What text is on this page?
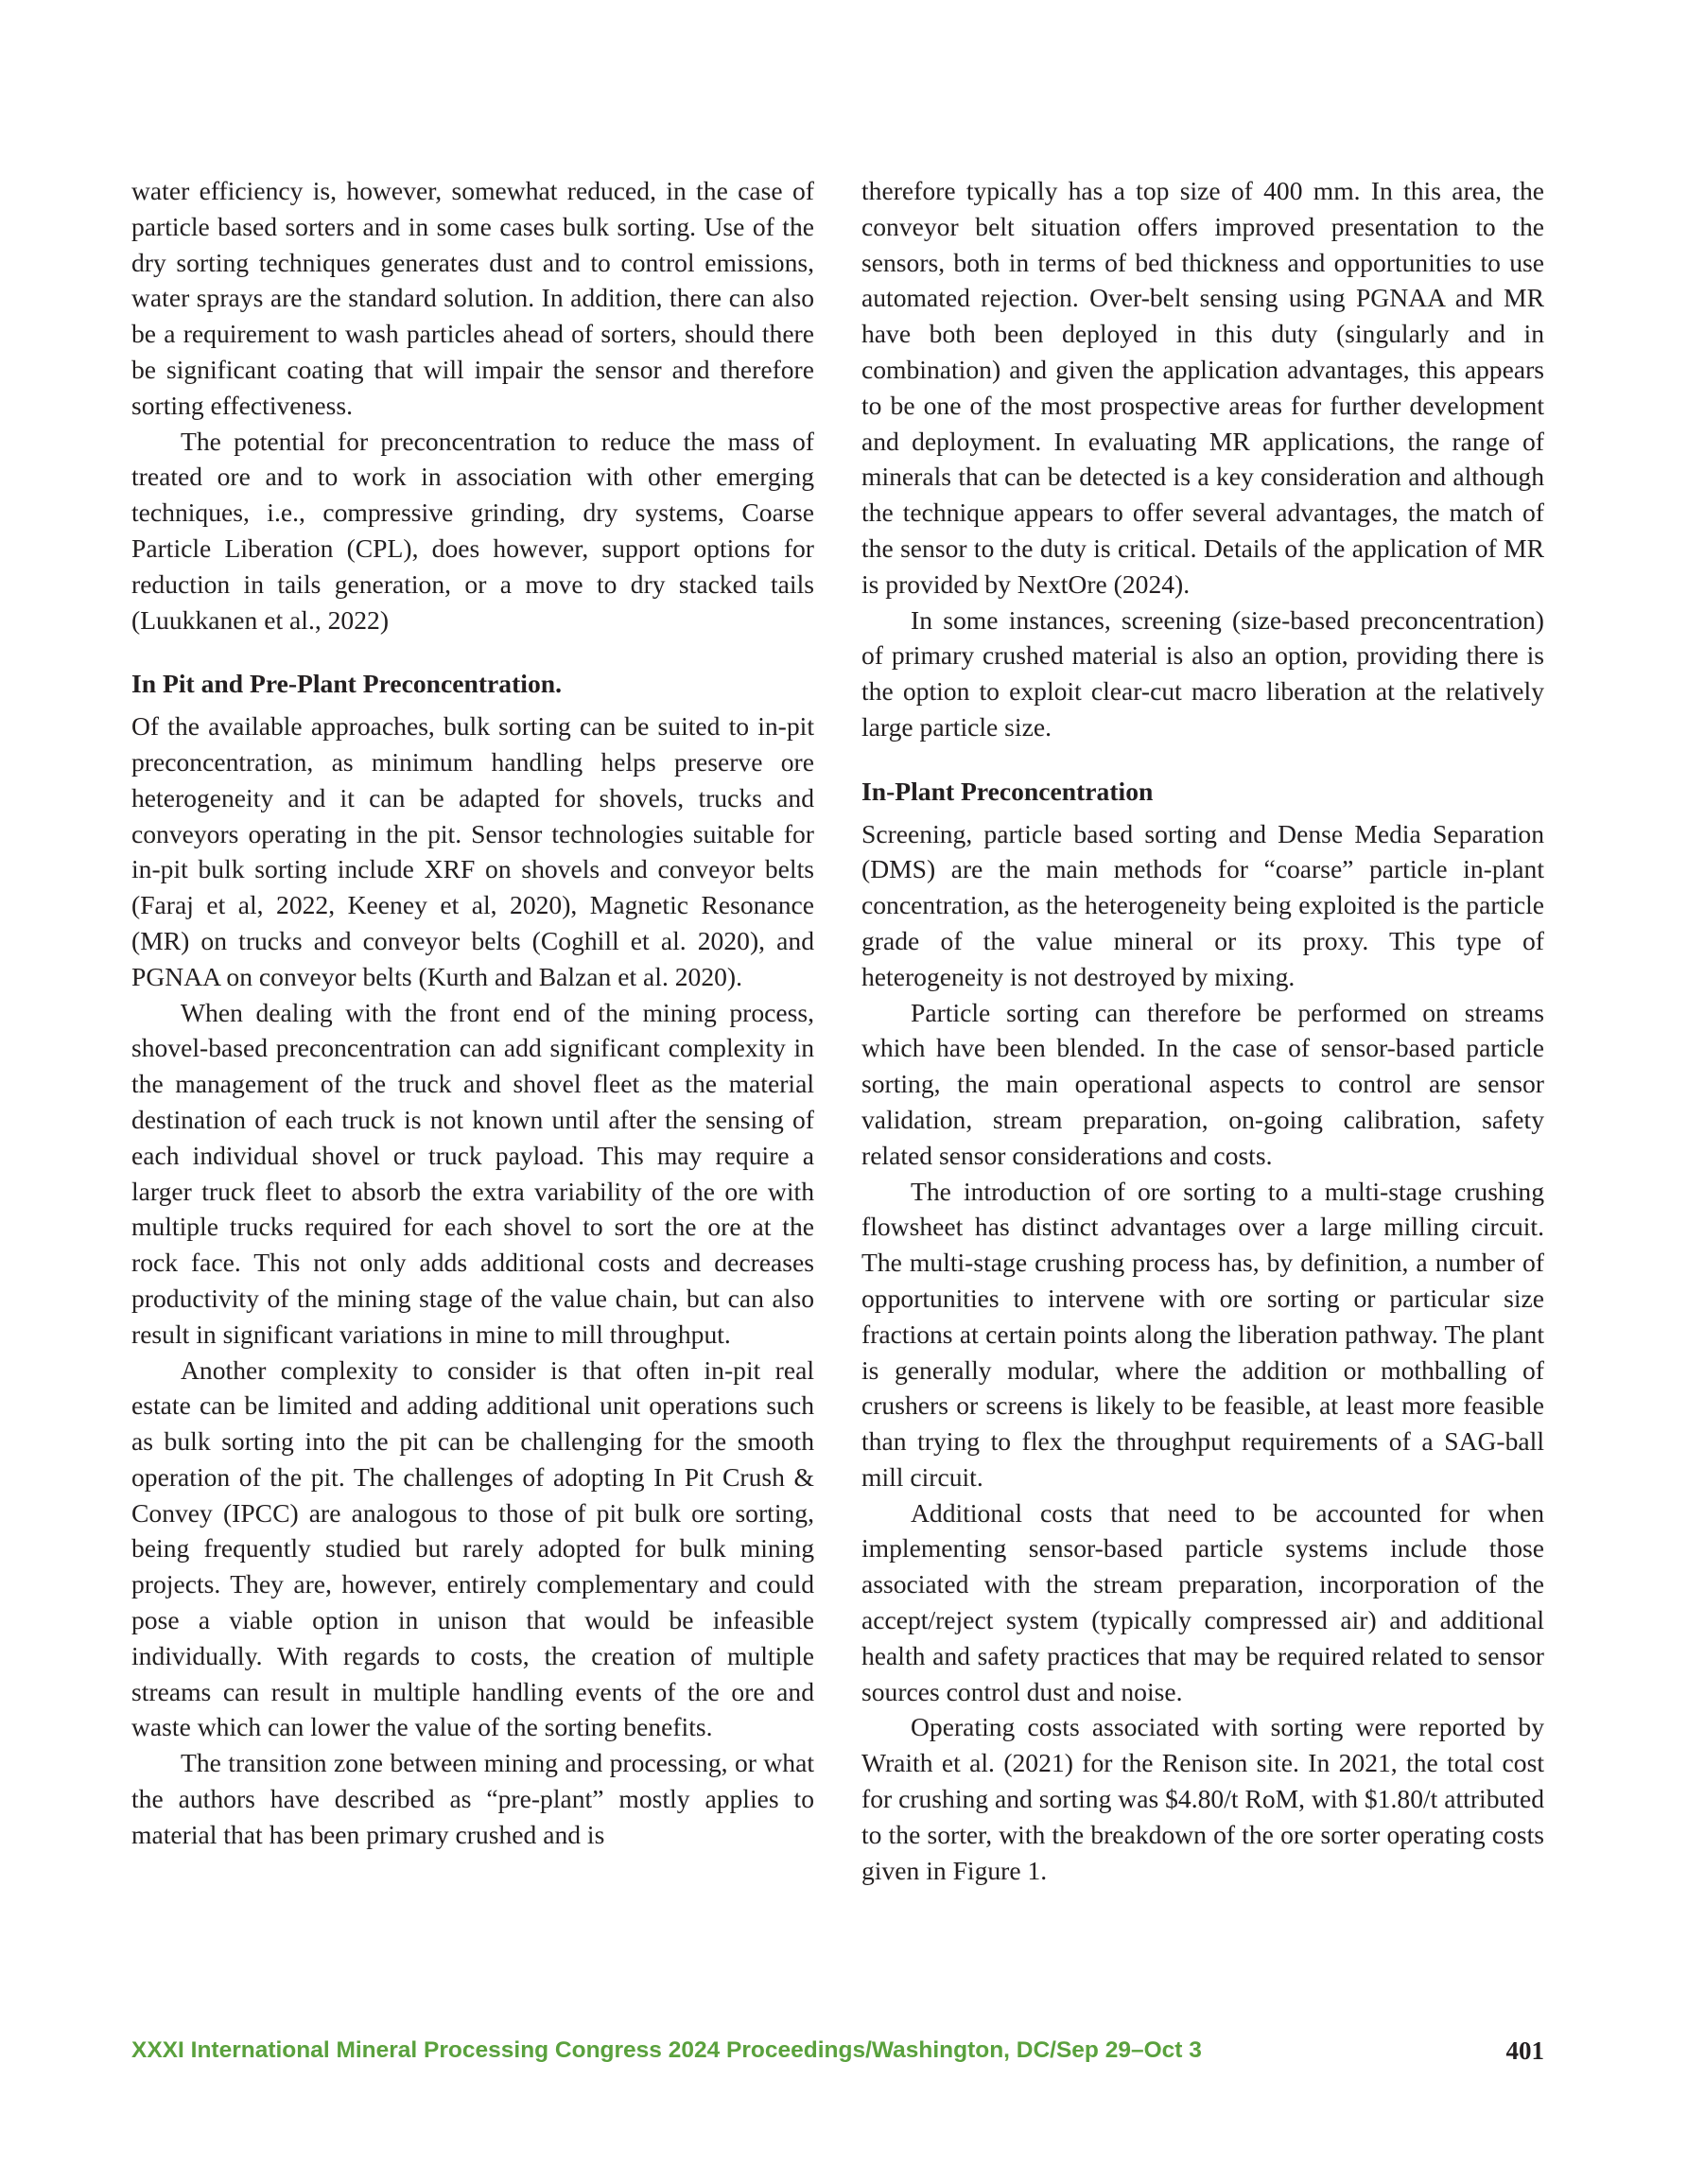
water efficiency is, however, somewhat reduced, in the case of particle based sorters and in some cases bulk sorting. Use of the dry sorting techniques generates dust and to control emissions, water sprays are the standard solution. In addition, there can also be a requirement to wash particles ahead of sorters, should there be significant coating that will impair the sensor and therefore sorting effectiveness.

The potential for preconcentration to reduce the mass of treated ore and to work in association with other emerging techniques, i.e., compressive grinding, dry systems, Coarse Particle Liberation (CPL), does however, support options for reduction in tails generation, or a move to dry stacked tails (Luukkanen et al., 2022)

In Pit and Pre-Plant Preconcentration.

Of the available approaches, bulk sorting can be suited to in-pit preconcentration, as minimum handling helps preserve ore heterogeneity and it can be adapted for shovels, trucks and conveyors operating in the pit. Sensor technologies suitable for in-pit bulk sorting include XRF on shovels and conveyor belts (Faraj et al, 2022, Keeney et al, 2020), Magnetic Resonance (MR) on trucks and conveyor belts (Coghill et al. 2020), and PGNAA on conveyor belts (Kurth and Balzan et al. 2020).

When dealing with the front end of the mining process, shovel-based preconcentration can add significant complexity in the management of the truck and shovel fleet as the material destination of each truck is not known until after the sensing of each individual shovel or truck payload. This may require a larger truck fleet to absorb the extra variability of the ore with multiple trucks required for each shovel to sort the ore at the rock face. This not only adds additional costs and decreases productivity of the mining stage of the value chain, but can also result in significant variations in mine to mill throughput.

Another complexity to consider is that often in-pit real estate can be limited and adding additional unit operations such as bulk sorting into the pit can be challenging for the smooth operation of the pit. The challenges of adopting In Pit Crush & Convey (IPCC) are analogous to those of pit bulk ore sorting, being frequently studied but rarely adopted for bulk mining projects. They are, however, entirely complementary and could pose a viable option in unison that would be infeasible individually. With regards to costs, the creation of multiple streams can result in multiple handling events of the ore and waste which can lower the value of the sorting benefits.

The transition zone between mining and processing, or what the authors have described as “pre-plant” mostly applies to material that has been primary crushed and is

therefore typically has a top size of 400 mm. In this area, the conveyor belt situation offers improved presentation to the sensors, both in terms of bed thickness and opportunities to use automated rejection. Over-belt sensing using PGNAA and MR have both been deployed in this duty (singularly and in combination) and given the application advantages, this appears to be one of the most prospective areas for further development and deployment. In evaluating MR applications, the range of minerals that can be detected is a key consideration and although the technique appears to offer several advantages, the match of the sensor to the duty is critical. Details of the application of MR is provided by NextOre (2024).

In some instances, screening (size-based preconcentration) of primary crushed material is also an option, providing there is the option to exploit clear-cut macro liberation at the relatively large particle size.

In-Plant Preconcentration

Screening, particle based sorting and Dense Media Separation (DMS) are the main methods for “coarse” particle in-plant concentration, as the heterogeneity being exploited is the particle grade of the value mineral or its proxy. This type of heterogeneity is not destroyed by mixing.

Particle sorting can therefore be performed on streams which have been blended. In the case of sensor-based particle sorting, the main operational aspects to control are sensor validation, stream preparation, on-going calibration, safety related sensor considerations and costs.

The introduction of ore sorting to a multi-stage crushing flowsheet has distinct advantages over a large milling circuit. The multi-stage crushing process has, by definition, a number of opportunities to intervene with ore sorting or particular size fractions at certain points along the liberation pathway. The plant is generally modular, where the addition or mothballing of crushers or screens is likely to be feasible, at least more feasible than trying to flex the throughput requirements of a SAG-ball mill circuit.

Additional costs that need to be accounted for when implementing sensor-based particle systems include those associated with the stream preparation, incorporation of the accept/reject system (typically compressed air) and additional health and safety practices that may be required related to sensor sources control dust and noise.

Operating costs associated with sorting were reported by Wraith et al. (2021) for the Renison site. In 2021, the total cost for crushing and sorting was $4.80/t RoM, with $1.80/t attributed to the sorter, with the breakdown of the ore sorter operating costs given in Figure 1.

XXXI International Mineral Processing Congress 2024 Proceedings/Washington, DC/Sep 29–Oct 3	401
